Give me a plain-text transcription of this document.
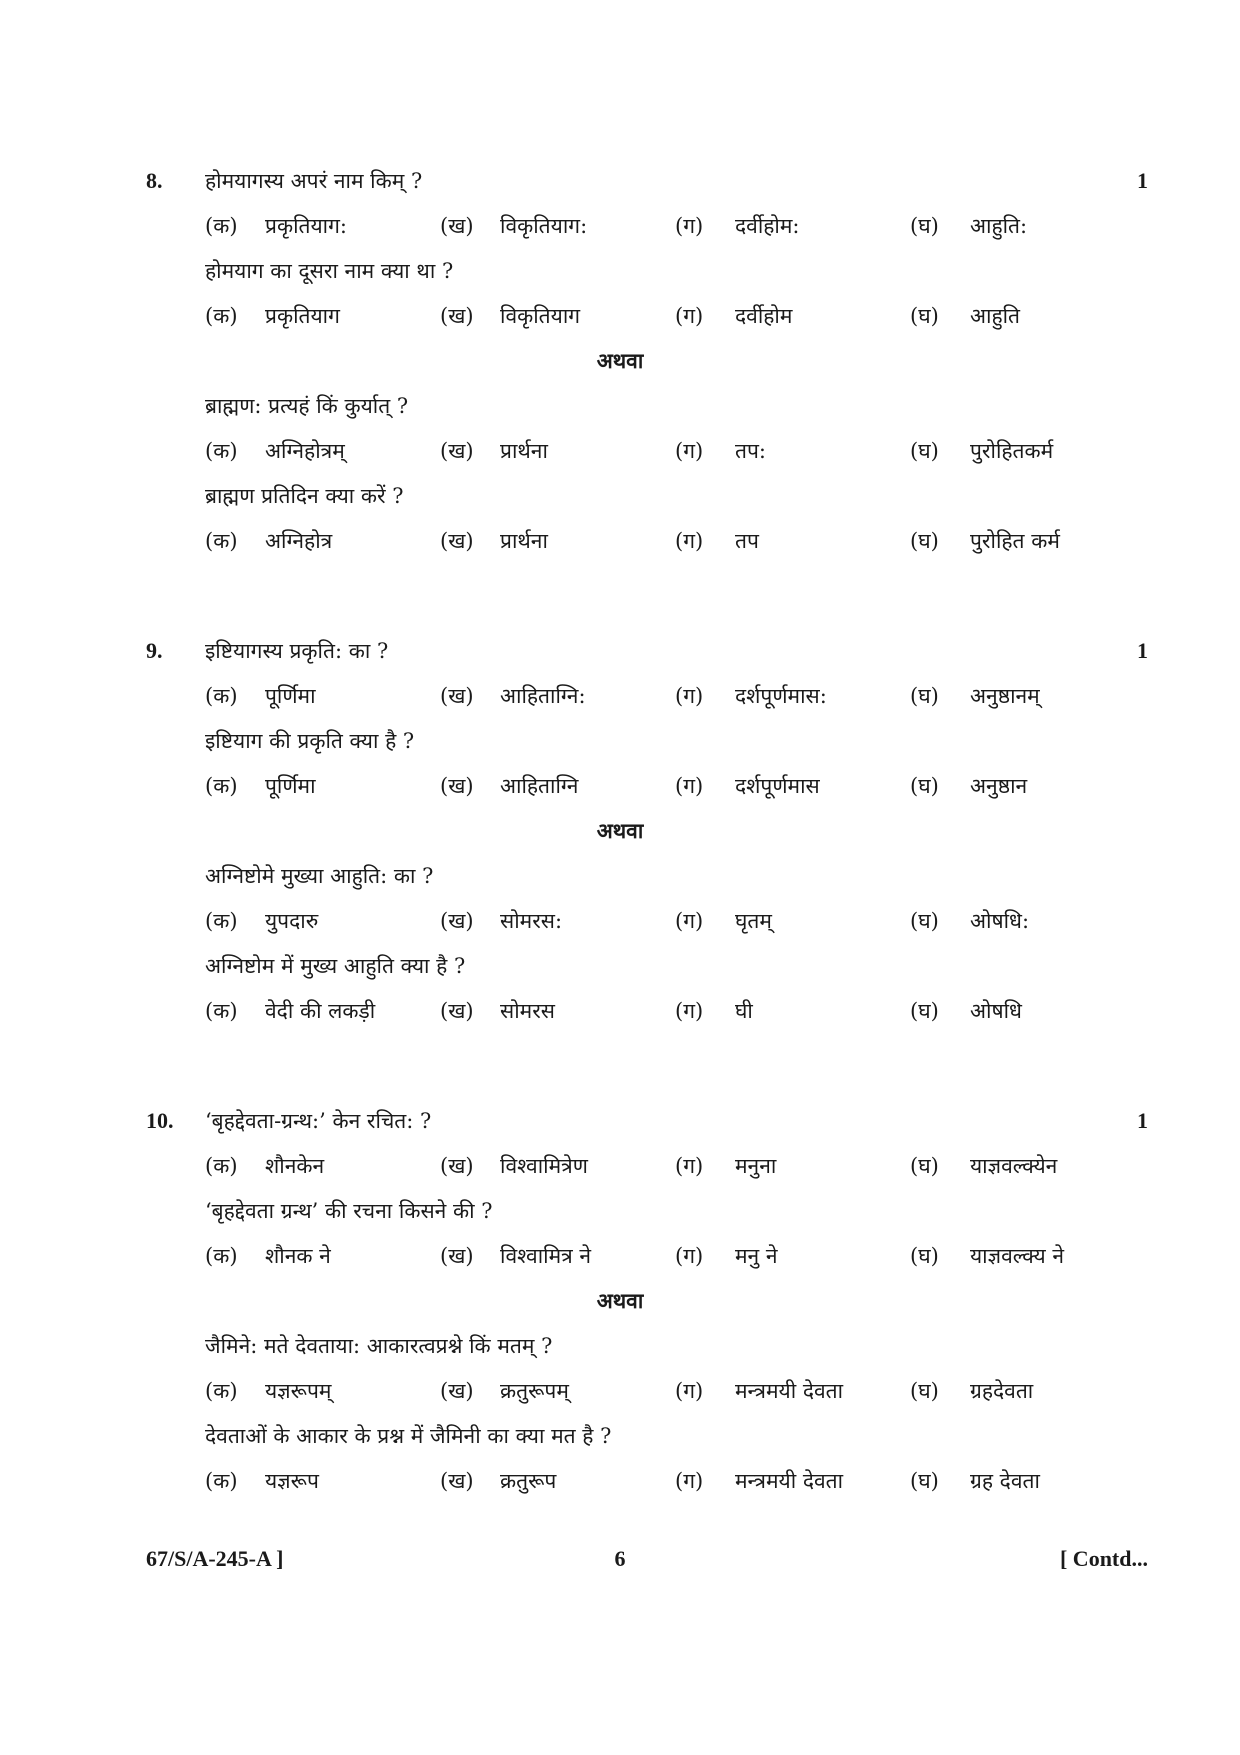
8. होमयागस्य अपरं नाम किम् ?	1
(क) प्रकृतियाग:	(ख) विकृतियाग:	(ग) दर्वीहोम:	(घ) आहुति:
होमयाग का दूसरा नाम क्या था ?
(क) प्रकृतियाग	(ख) विकृतियाग	(ग) दर्वीहोम	(घ) आहुति
अथवा
ब्राह्मण: प्रत्यहं किं कुर्यात् ?
(क) अग्निहोत्रम्	(ख) प्रार्थना	(ग) तप:	(घ) पुरोहितकर्म
ब्राह्मण प्रतिदिन क्या करें ?
(क) अग्निहोत्र	(ख) प्रार्थना	(ग) तप	(घ) पुरोहित कर्म
9. इष्टियागस्य प्रकृति: का ?	1
(क) पूर्णिमा	(ख) आहिताग्नि:	(ग) दर्शपूर्णमास:	(घ) अनुष्ठानम्
इष्टियाग की प्रकृति क्या है ?
(क) पूर्णिमा	(ख) आहिताग्नि	(ग) दर्शपूर्णमास	(घ) अनुष्ठान
अथवा
अग्निष्टोमे मुख्या आहुति: का ?
(क) युपदारु	(ख) सोमरस:	(ग) घृतम्	(घ) ओषधि:
अग्निष्टोम में मुख्य आहुति क्या है ?
(क) वेदी की लकड़ी	(ख) सोमरस	(ग) घी	(घ) ओषधि
10. ‘बृहद्देवता-ग्रन्थ:’ केन रचित: ?	1
(क) शौनकेन	(ख) विश्वामित्रेण	(ग) मनुना	(घ) याज्ञवल्क्येन
‘बृहद्देवता ग्रन्थ’ की रचना किसने की ?
(क) शौनक ने	(ख) विश्वामित्र ने	(ग) मनु ने	(घ) याज्ञवल्क्य ने
अथवा
जैमिने: मते देवताया: आकारत्वप्रश्ने किं मतम् ?
(क) यज्ञरूपम्	(ख) क्रतुरूपम्	(ग) मन्त्रमयी देवता	(घ) ग्रहदेवता
देवताओं के आकार के प्रश्न में जैमिनी का क्या मत है ?
(क) यज्ञरूप	(ख) क्रतुरूप	(ग) मन्त्रमयी देवता	(घ) ग्रह देवता
67/S/A-245-A ]	6	[ Contd...
